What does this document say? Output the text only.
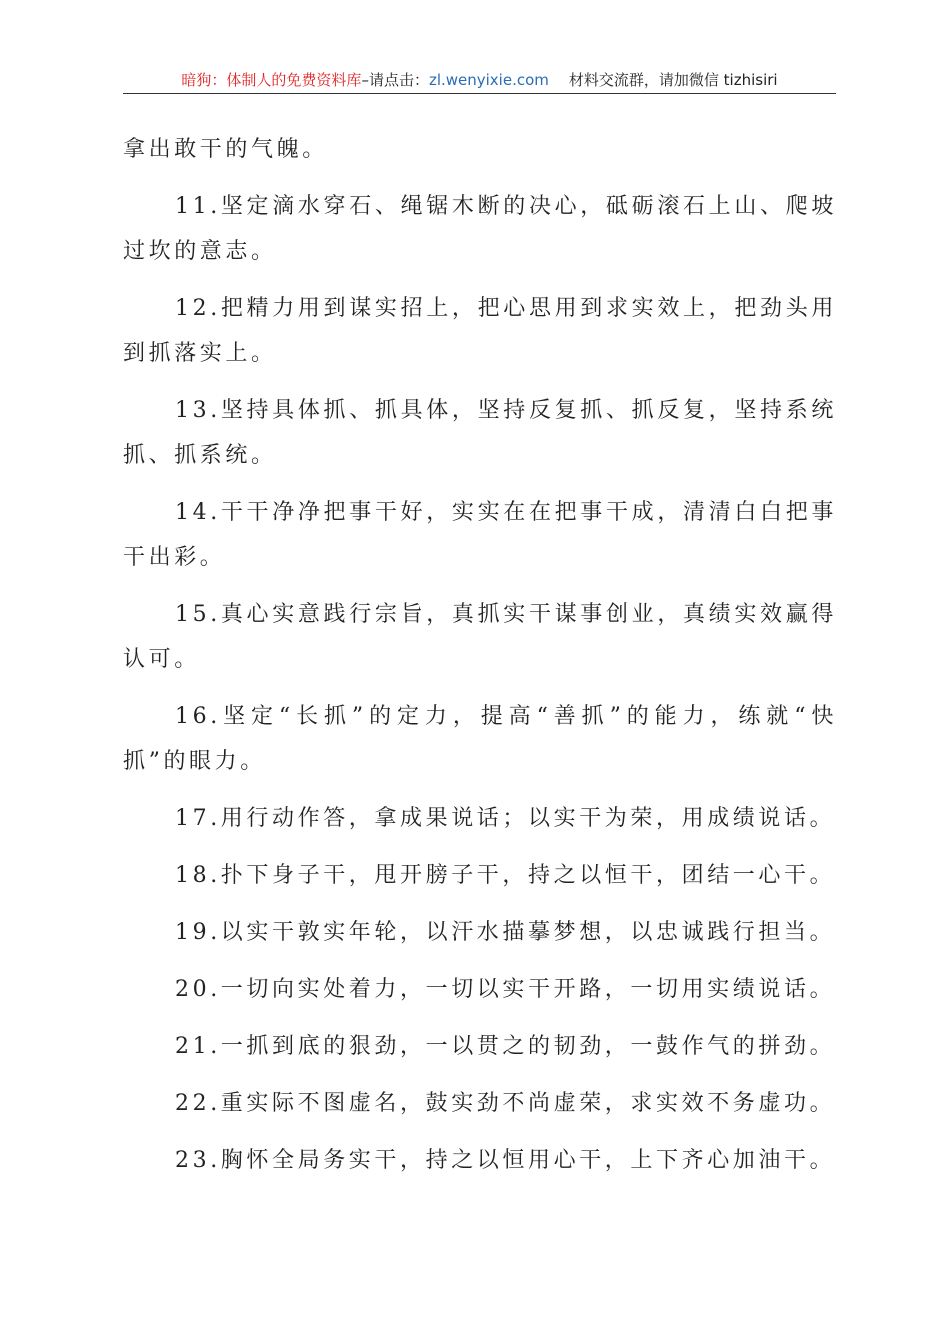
暗狗：体制人的免费资料库–请点击：zl.wenyixie.com 材料交流群，请加微信 tizhisiri

拿出敢干的气魄。

11.坚定滴水穿石、绳锯木断的决心，砥砺滚石上山、爬坡过坎的意志。

12.把精力用到谋实招上，把心思用到求实效上，把劲头用到抓落实上。

13.坚持具体抓、抓具体，坚持反复抓、抓反复，坚持系统抓、抓系统。

14.干干净净把事干好，实实在在把事干成，清清白白把事干出彩。

15.真心实意践行宗旨，真抓实干谋事创业，真绩实效赢得认可。

16.坚定“长抓”的定力，提高“善抓”的能力，练就“快抓”的眼力。

17.用行动作答，拿成果说话；以实干为荣，用成绩说话。

18.扑下身子干，甩开膀子干，持之以恒干，团结一心干。

19.以实干敦实年轮，以汗水描摹梦想，以忠诚践行担当。

20.一切向实处着力，一切以实干开路，一切用实绩说话。

21.一抓到底的狠劲，一以贯之的韧劲，一鼓作气的拼劲。

22.重实际不图虚名，鼓实劲不尚虚荣，求实效不务虚功。

23.胸怀全局务实干，持之以恒用心干，上下齐心加油干。
